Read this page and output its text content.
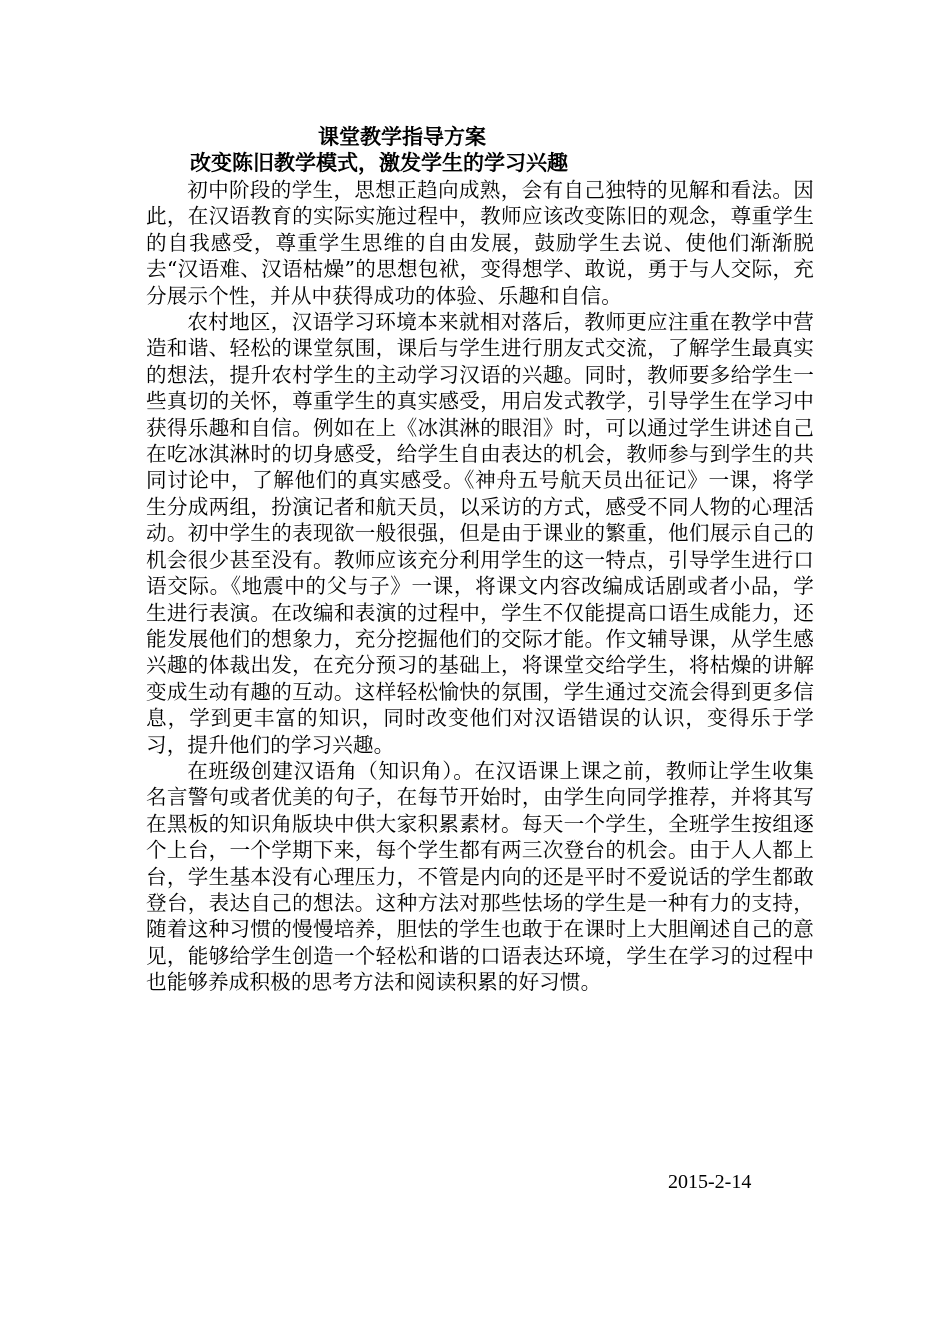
课堂教学指导方案
改变陈旧教学模式，激发学生的学习兴趣

初中阶段的学生，思想正趋向成熟，会有自己独特的见解和看法。因此，在汉语教育的实际实施过程中，教师应该改变陈旧的观念，尊重学生的自我感受，尊重学生思维的自由发展，鼓励学生去说、使他们渐渐脱去“汉语难、汉语枯燥”的思想包袱，变得想学、敢说，勇于与人交际，充分展示个性，并从中获得成功的体验、乐趣和自信。

农村地区，汉语学习环境本来就相对落后，教师更应注重在教学中营造和谐、轻松的课堂氛围，课后与学生进行朋友式交流，了解学生最真实的想法，提升农村学生的主动学习汉语的兴趣。同时，教师要多给学生一些真切的关怀，尊重学生的真实感受，用启发式教学，引导学生在学习中获得乐趣和自信。例如在上《冰淇淋的眼泪》时，可以通过学生讲述自己在吃冰淇淋时的切身感受，给学生自由表达的机会，教师参与到学生的共同讨论中，了解他们的真实感受。《神舟五号航天员出征记》一课，将学生分成两组，扮演记者和航天员，以采访的方式，感受不同人物的心理活动。初中学生的表现欲一般很强，但是由于课业的繁重，他们展示自己的机会很少甚至没有。教师应该充分利用学生的这一特点，引导学生进行口语交际。《地震中的父与子》一课，将课文内容改编成话剧或者小品，学生进行表演。在改编和表演的过程中，学生不仅能提高口语生成能力，还能发展他们的想象力，充分挖掘他们的交际才能。作文辅导课，从学生感兴趣的体裁出发，在充分预习的基础上，将课堂交给学生，将枯燥的讲解变成生动有趣的互动。这样轻松愉快的氛围，学生通过交流会得到更多信息，学到更丰富的知识，同时改变他们对汉语错误的认识，变得乐于学习，提升他们的学习兴趣。

在班级创建汉语角（知识角）。在汉语课上课之前，教师让学生收集名言警句或者优美的句子，在每节开始时，由学生向同学推荐，并将其写在黑板的知识角版块中供大家积累素材。每天一个学生，全班学生按组逐个上台，一个学期下来，每个学生都有两三次登台的机会。由于人人都上台，学生基本没有心理压力，不管是内向的还是平时不爱说话的学生都敢登台，表达自己的想法。这种方法对那些怯场的学生是一种有力的支持，随着这种习惯的慢慢培养，胆怯的学生也敢于在课时上大胆阐述自己的意见，能够给学生创造一个轻松和谐的口语表达环境，学生在学习的过程中也能够养成积极的思考方法和阅读积累的好习惯。

2015-2-14
